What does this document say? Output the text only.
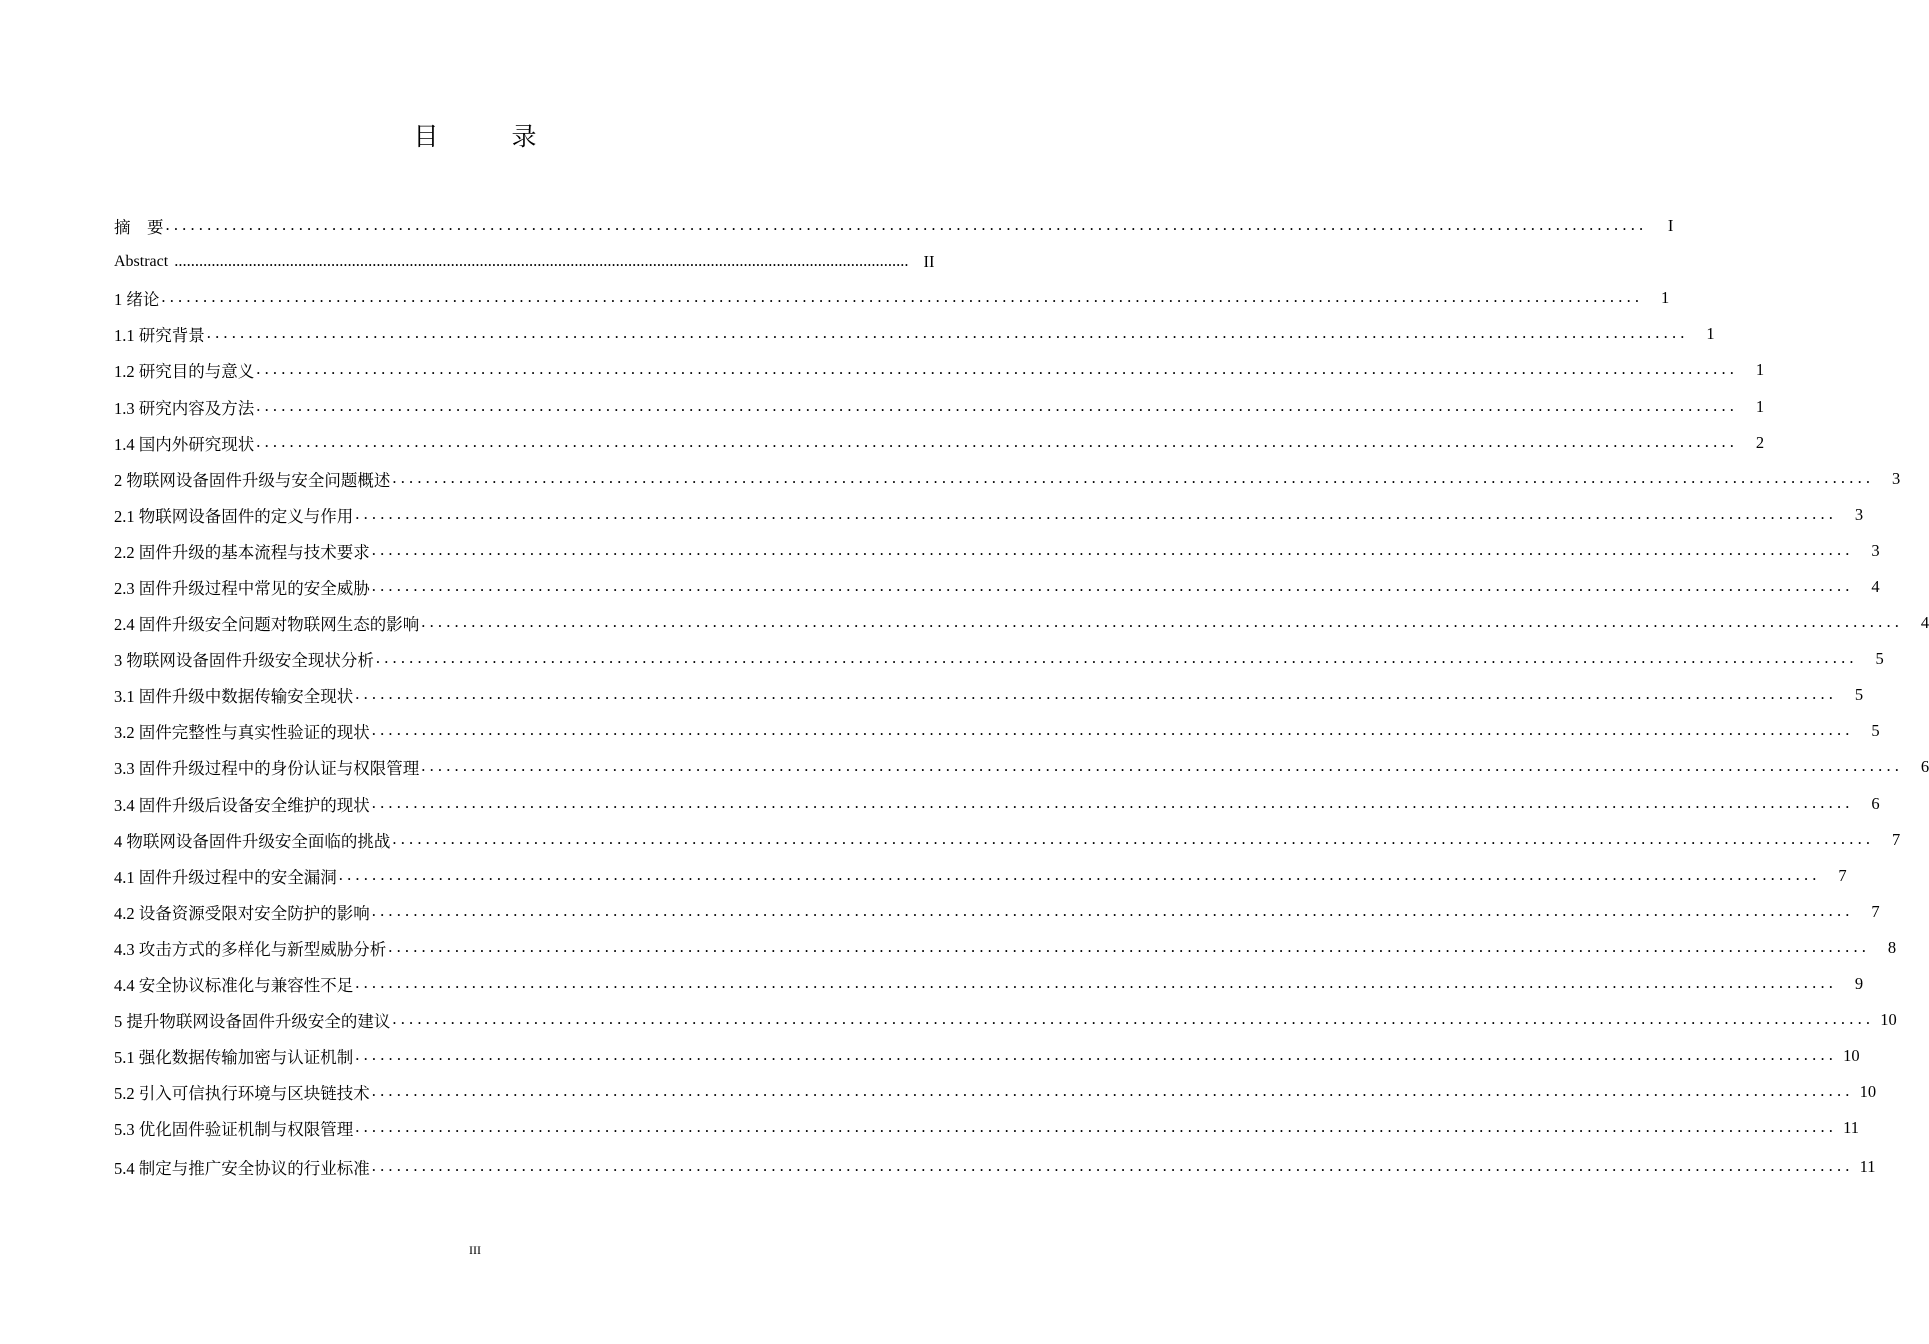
目　录
摘　要 ..................................................................................................................................................................................	I
Abstract .................................................................................................................................................................................. II
1 绪论 ..................................................................................................................................................................................	1
1.1 研究背景 ..................................................................................................................................................................................	1
1.2 研究目的与意义 ..................................................................................................................................................................................	1
1.3 研究内容及方法 ..................................................................................................................................................................................	1
1.4 国内外研究现状 ..................................................................................................................................................................................	2
2 物联网设备固件升级与安全问题概述 ..................................................................................................................................................................................	3
2.1 物联网设备固件的定义与作用 ..................................................................................................................................................................................	3
2.2 固件升级的基本流程与技术要求 ..................................................................................................................................................................................	3
2.3 固件升级过程中常见的安全威胁 ..................................................................................................................................................................................	4
2.4 固件升级安全问题对物联网生态的影响 ..................................................................................................................................................................................	4
3 物联网设备固件升级安全现状分析 ..................................................................................................................................................................................	5
3.1 固件升级中数据传输安全现状 ..................................................................................................................................................................................	5
3.2 固件完整性与真实性验证的现状 ..................................................................................................................................................................................	5
3.3 固件升级过程中的身份认证与权限管理 ..................................................................................................................................................................................	6
3.4 固件升级后设备安全维护的现状 ..................................................................................................................................................................................	6
4 物联网设备固件升级安全面临的挑战 ..................................................................................................................................................................................	7
4.1 固件升级过程中的安全漏洞 ..................................................................................................................................................................................	7
4.2 设备资源受限对安全防护的影响 ..................................................................................................................................................................................	7
4.3 攻击方式的多样化与新型威胁分析 ..................................................................................................................................................................................	8
4.4 安全协议标准化与兼容性不足 ..................................................................................................................................................................................	9
5 提升物联网设备固件升级安全的建议 .................................................................................................................................................................................. 10
5.1 强化数据传输加密与认证机制 .................................................................................................................................................................................. 10
5.2 引入可信执行环境与区块链技术 .................................................................................................................................................................................. 10
5.3 优化固件验证机制与权限管理 .................................................................................................................................................................................. 11
5.4 制定与推广安全协议的行业标准 .................................................................................................................................................................................. 11
III
